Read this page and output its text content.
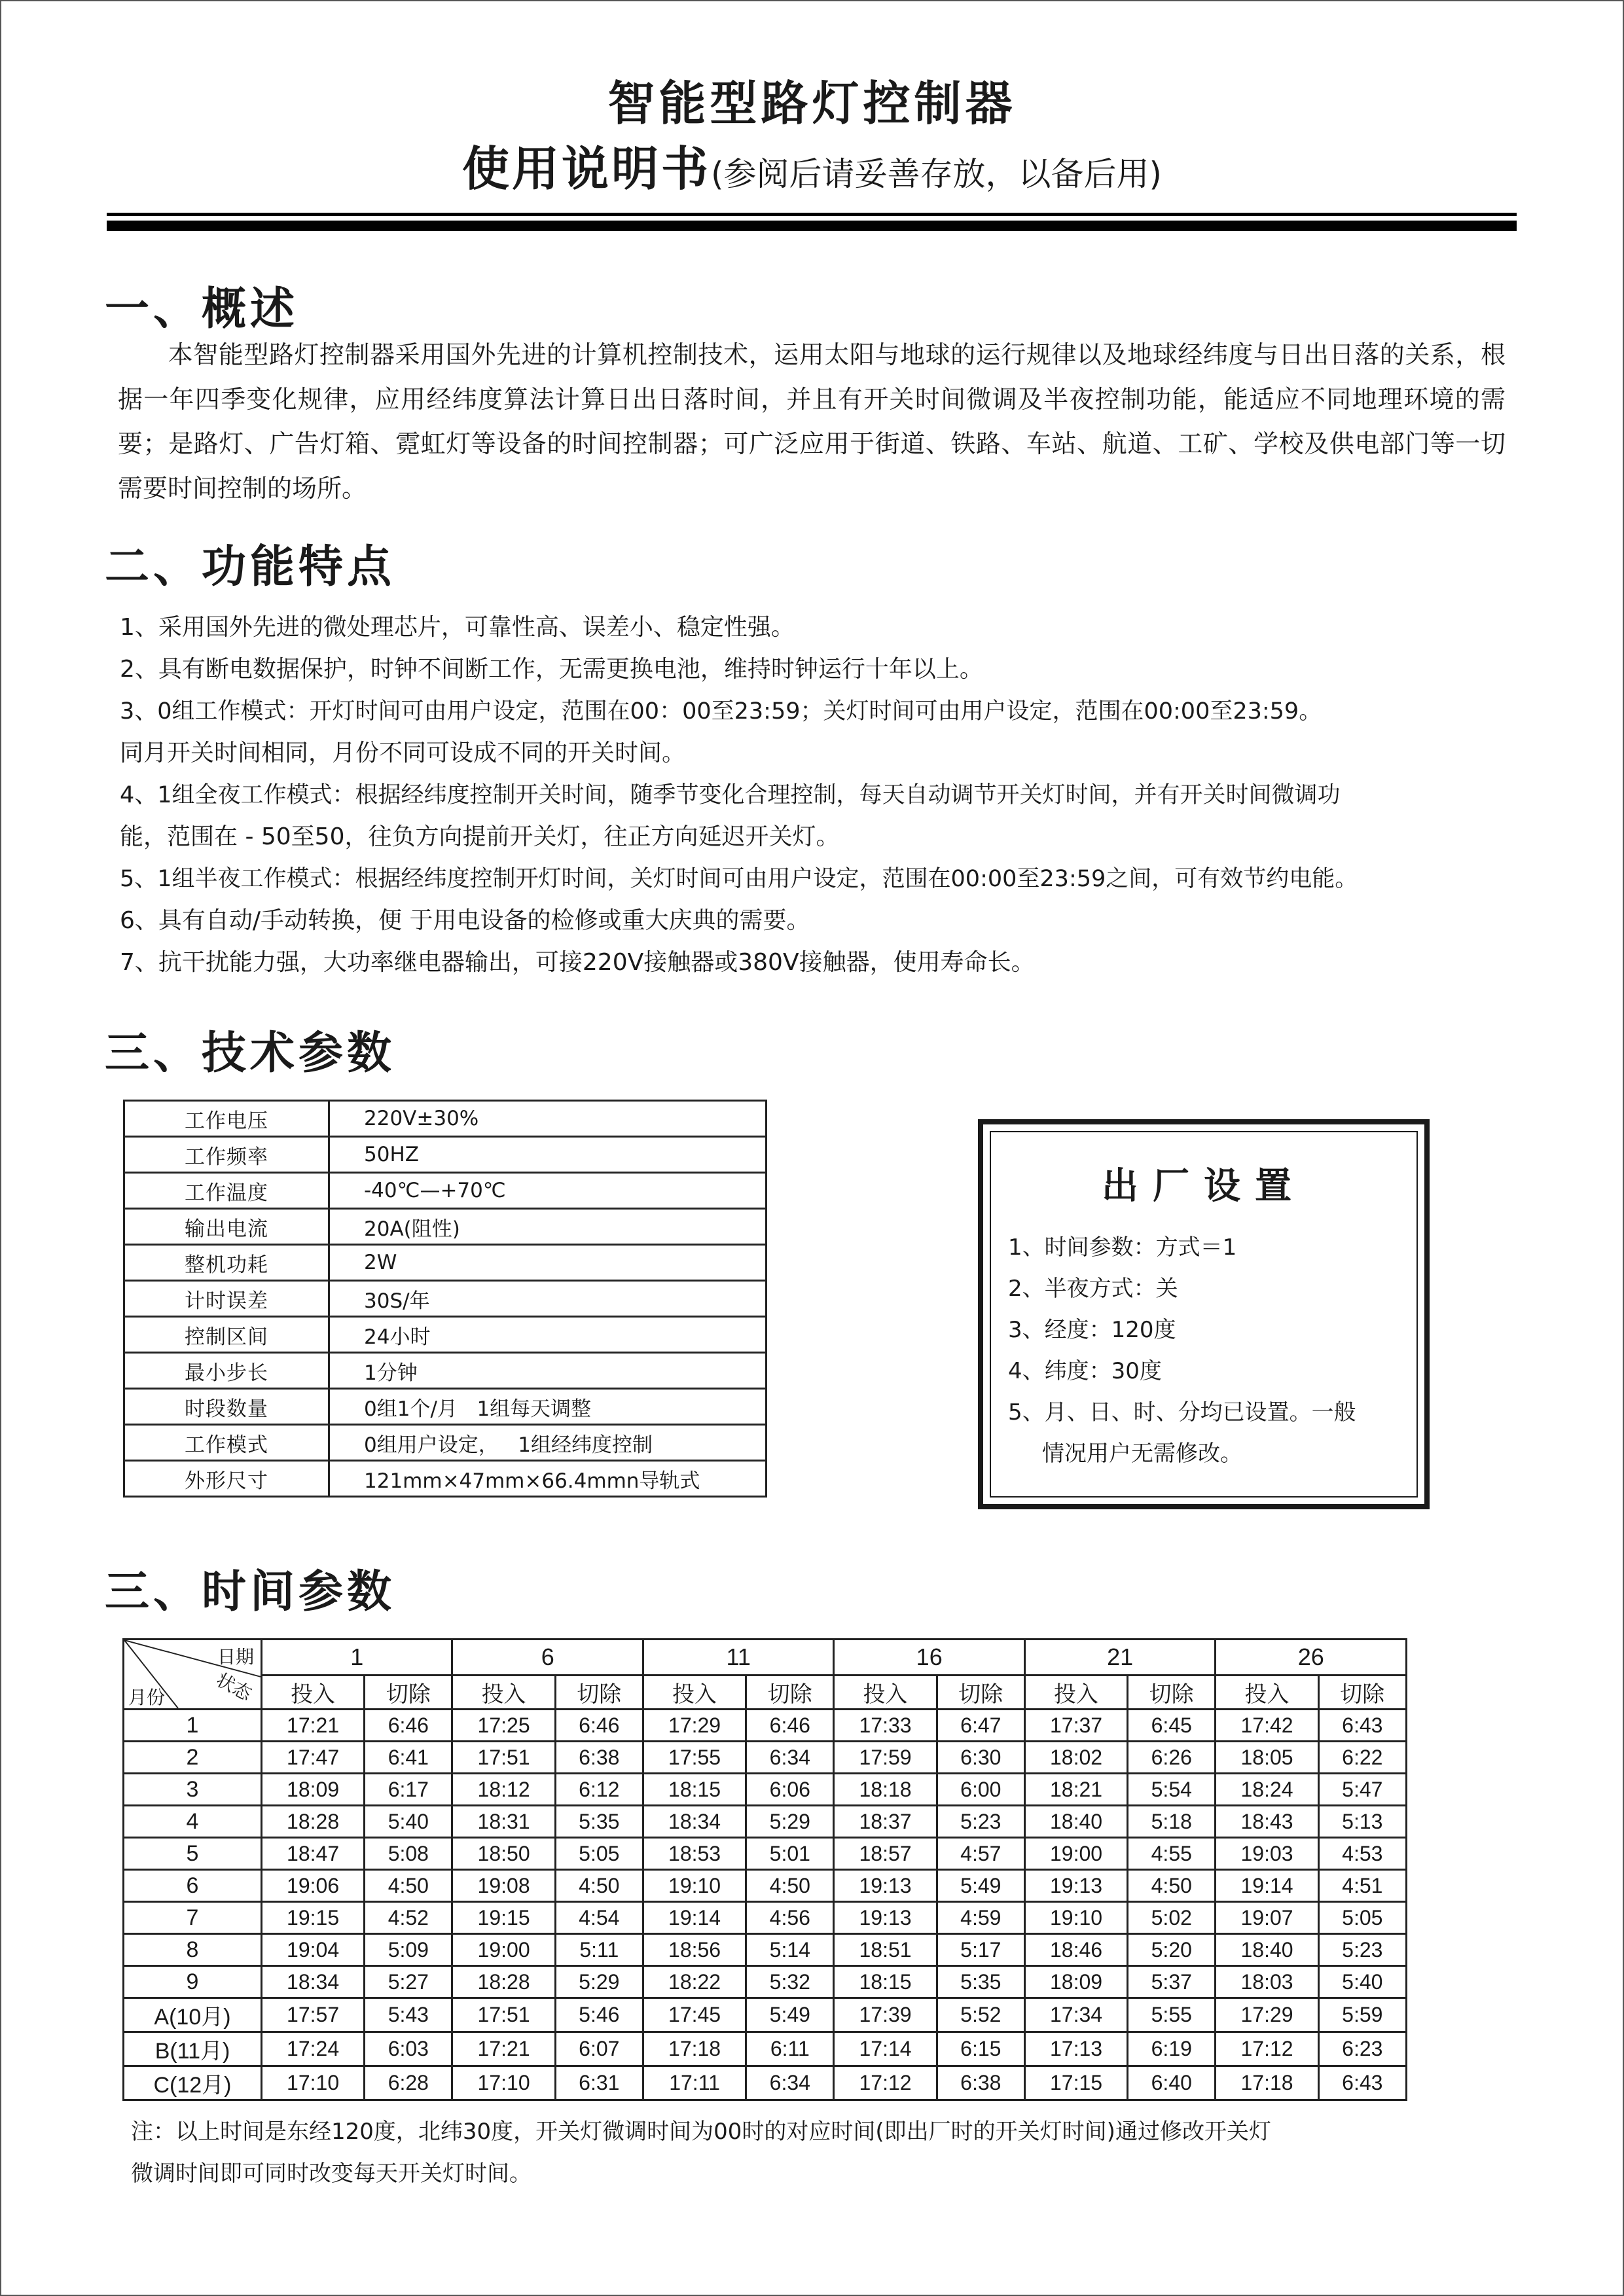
智能型路灯控制器
使用说明书(参阅后请妥善存放，以备后用)
一、概述
本智能型路灯控制器采用国外先进的计算机控制技术，运用太阳与地球的运行规律以及地球经纬度与日出日落的关系，根据一年四季变化规律，应用经纬度算法计算日出日落时间，并且有开关时间微调及半夜控制功能，能适应不同地理环境的需要；是路灯、广告灯箱、霓虹灯等设备的时间控制器；可广泛应用于街道、铁路、车站、航道、工矿、学校及供电部门等一切需要时间控制的场所。
二、功能特点
1、采用国外先进的微处理芯片，可靠性高、误差小、稳定性强。
2、具有断电数据保护，时钟不间断工作，无需更换电池，维持时钟运行十年以上。
3、0组工作模式：开灯时间可由用户设定，范围在00：00至23:59；关灯时间可由用户设定，范围在00:00至23:59。
同月开关时间相同，月份不同可设成不同的开关时间。
4、1组全夜工作模式：根据经纬度控制开关时间，随季节变化合理控制，每天自动调节开关灯时间，并有开关时间微调功
能，范围在 - 50至50，往负方向提前开关灯，往正方向延迟开关灯。
5、1组半夜工作模式：根据经纬度控制开灯时间，关灯时间可由用户设定，范围在00:00至23:59之间，可有效节约电能。
6、具有自动/手动转换，便 于用电设备的检修或重大庆典的需要。
7、抗干扰能力强，大功率继电器输出，可接220V接触器或380V接触器，使用寿命长。
三、技术参数
工作电压	220V±30%
工作频率	50HZ
工作温度	-40℃—+70℃
输出电流	20A(阻性)
整机功耗	2W
计时误差	30S/年
控制区间	24小时
最小步长	1分钟
时段数量	0组1个/月   1组每天调整
工作模式	0组用户设定，   1组经纬度控制
外形尺寸	121mm×47mm×66.4mmn导轨式
出厂设置
1、时间参数：方式＝1
2、半夜方式：关
3、经度：120度
4、纬度：30度
5、月、日、时、分均已设置。一般
情况用户无需修改。
三、时间参数
日期
状态
月份	1		6		11		16		21		26	
	投入	切除	投入	切除	投入	切除	投入	切除	投入	切除	投入	切除
1	17:21	6:46	17:25	6:46	17:29	6:46	17:33	6:47	17:37	6:45	17:42	6:43
2	17:47	6:41	17:51	6:38	17:55	6:34	17:59	6:30	18:02	6:26	18:05	6:22
3	18:09	6:17	18:12	6:12	18:15	6:06	18:18	6:00	18:21	5:54	18:24	5:47
4	18:28	5:40	18:31	5:35	18:34	5:29	18:37	5:23	18:40	5:18	18:43	5:13
5	18:47	5:08	18:50	5:05	18:53	5:01	18:57	4:57	19:00	4:55	19:03	4:53
6	19:06	4:50	19:08	4:50	19:10	4:50	19:13	5:49	19:13	4:50	19:14	4:51
7	19:15	4:52	19:15	4:54	19:14	4:56	19:13	4:59	19:10	5:02	19:07	5:05
8	19:04	5:09	19:00	5:11	18:56	5:14	18:51	5:17	18:46	5:20	18:40	5:23
9	18:34	5:27	18:28	5:29	18:22	5:32	18:15	5:35	18:09	5:37	18:03	5:40
A(10月)	17:57	5:43	17:51	5:46	17:45	5:49	17:39	5:52	17:34	5:55	17:29	5:59
B(11月)	17:24	6:03	17:21	6:07	17:18	6:11	17:14	6:15	17:13	6:19	17:12	6:23
C(12月)	17:10	6:28	17:10	6:31	17:11	6:34	17:12	6:38	17:15	6:40	17:18	6:43
注：以上时间是东经120度，北纬30度，开关灯微调时间为00时的对应时间(即出厂时的开关灯时间)通过修改开关灯
微调时间即可同时改变每天开关灯时间。
